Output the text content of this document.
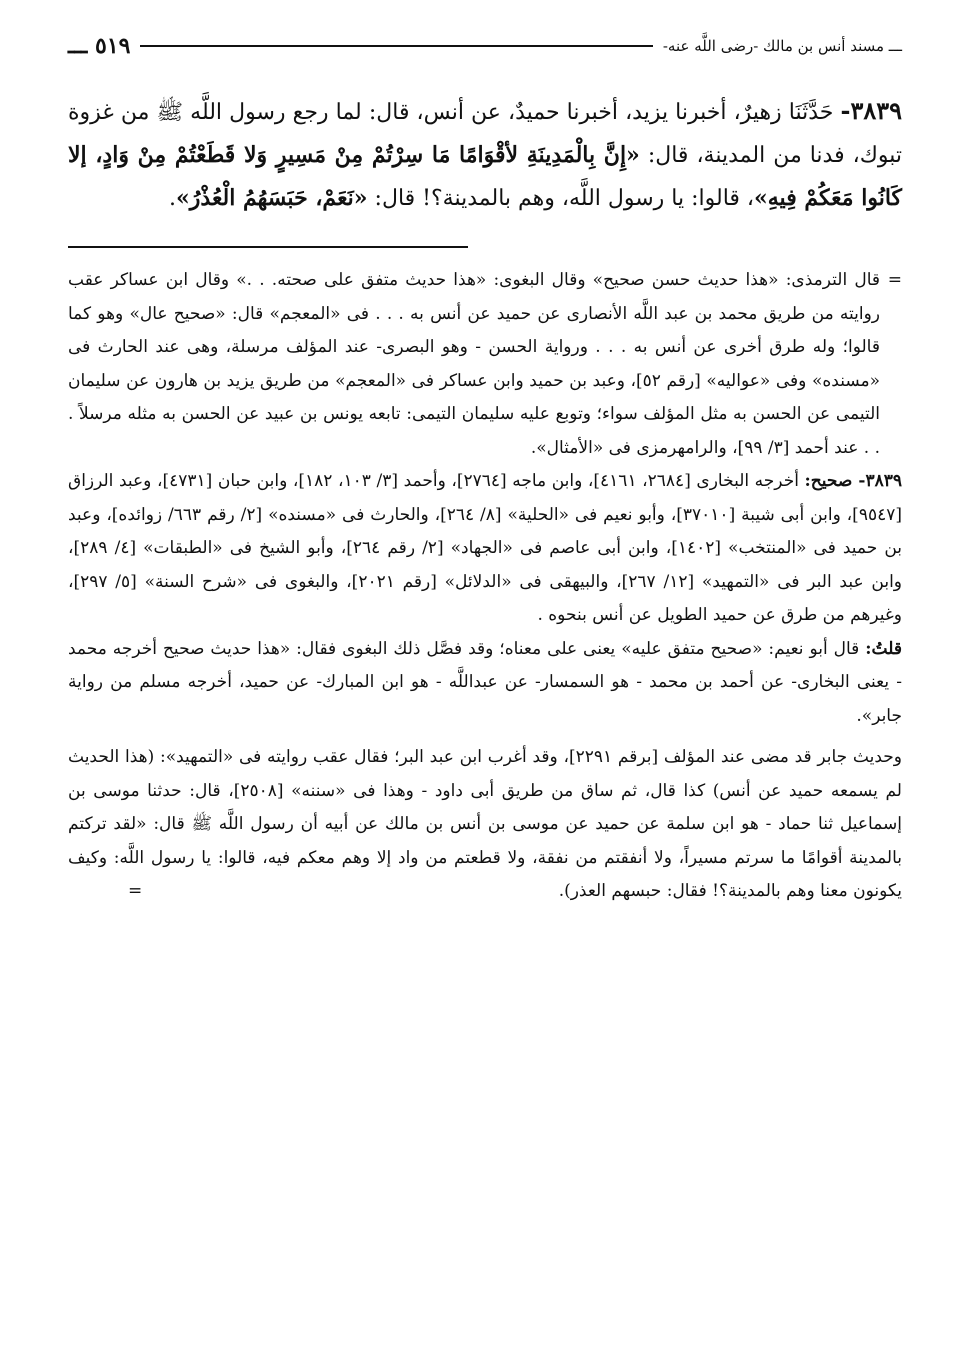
ـــ مسند أنس بن مالك -رضى اللَّه عنه-
٥١٩ ـــ
٣٨٣٩- حَدَّثَنَا زهيرٌ، أخبرنا يزيد، أخبرنا حميدٌ، عن أنس، قال: لما رجع رسول اللَّه ﷺ من غزوة تبوك، فدنا من المدينة، قال: «إِنَّ بِالْمَدِينَةِ لأقْوَامًا مَا سِرْتُمْ مِنْ مَسِيرٍ وَلا قَطَعْتُمْ مِنْ وَادٍ، إلا كَانُوا مَعَكُمْ فِيهِ»، قالوا: يا رسول اللَّه، وهم بالمدينة؟! قال: «نَعَمْ، حَبَسَهُمُ الْعُذْرُ».

=
قال الترمذى: «هذا حديث حسن صحيح» وقال البغوى: «هذا حديث متفق على صحته. . .» وقال ابن عساكر عقب روايته من طريق محمد بن عبد اللَّه الأنصارى عن حميد عن أنس به . . . فى «المعجم» قال: «صحيح عال» وهو كما قالوا؛ وله طرق أخرى عن أنس به . . . ورواية الحسن - وهو البصرى- عند المؤلف مرسلة، وهى عند الحارث فى «مسنده» وفى «عواليه» [رقم ٥٢]، وعبد بن حميد وابن عساكر فى «المعجم» من طريق يزيد بن هارون عن سليمان التيمى عن الحسن به مثل المؤلف سواء؛ وتوبع عليه سليمان التيمى: تابعه يونس بن عبيد عن الحسن به مثله مرسلاً . . . عند أحمد [٣/ ٩٩]، والرامهرمزى فى «الأمثال».

٣٨٣٩- صحيح: أخرجه البخارى [٢٦٨٤، ٤١٦١]، وابن ماجه [٢٧٦٤]، وأحمد [٣/ ١٠٣، ١٨٢]، وابن حبان [٤٧٣١]، وعبد الرزاق [٩٥٤٧]، وابن أبى شيبة [٣٧٠١٠]، وأبو نعيم فى «الحلية» [٨/ ٢٦٤]، والحارث فى «مسنده» [٢/ رقم ٦٦٣/ زوائده]، وعبد بن حميد فى «المنتخب» [١٤٠٢]، وابن أبى عاصم فى «الجهاد» [٢/ رقم ٢٦٤]، وأبو الشيخ فى «الطبقات» [٤/ ٢٨٩]، وابن عبد البر فى «التمهيد» [١٢/ ٢٦٧]، والبيهقى فى «الدلائل» [رقم ٢٠٢١]، والبغوى فى «شرح السنة» [٥/ ٢٩٧]، وغيرهم من طرق عن حميد الطويل عن أنس بنحوه .

قلتُ: قال أبو نعيم: «صحيح متفق عليه» يعنى على معناه؛ وقد فصَّل ذلك البغوى فقال: «هذا حديث صحيح أخرجه محمد - يعنى البخارى- عن أحمد بن محمد - هو السمسار- عن عبداللَّه - هو ابن المبارك- عن حميد، أخرجه مسلم من رواية جابر».

وحديث جابر قد مضى عند المؤلف [برقم ٢٢٩١]، وقد أغرب ابن عبد البر؛ فقال عقب روايته فى «التمهيد»: (هذا الحديث لم يسمعه حميد عن أنس) كذا قال، ثم ساق من طريق أبى داود - وهذا فى «سننه» [٢٥٠٨]، قال: حدثنا موسى بن إسماعيل ثنا حماد - هو ابن سلمة عن حميد عن موسى بن أنس بن مالك عن أبيه أن رسول اللَّه ﷺ قال: «لقد تركتم بالمدينة أقوامًا ما سرتم مسيراً، ولا أنفقتم من نفقة، ولا قطعتم من واد إلا وهم معكم فيه، قالوا: يا رسول اللَّه: وكيف يكونون معنا وهم بالمدينة؟! فقال: حبسهم العذر).
=
